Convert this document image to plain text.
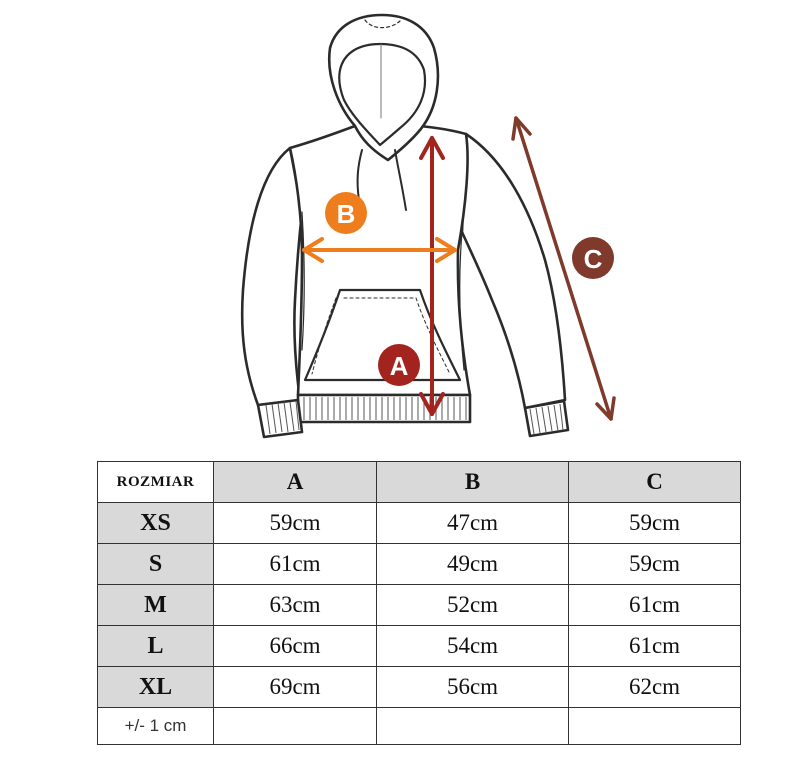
A
B
C
ROZMIAR	A	B	C
XS	59cm	47cm	59cm
S	61cm	49cm	59cm
M	63cm	52cm	61cm
L	66cm	54cm	61cm
XL	69cm	56cm	62cm
+/- 1 cm			
